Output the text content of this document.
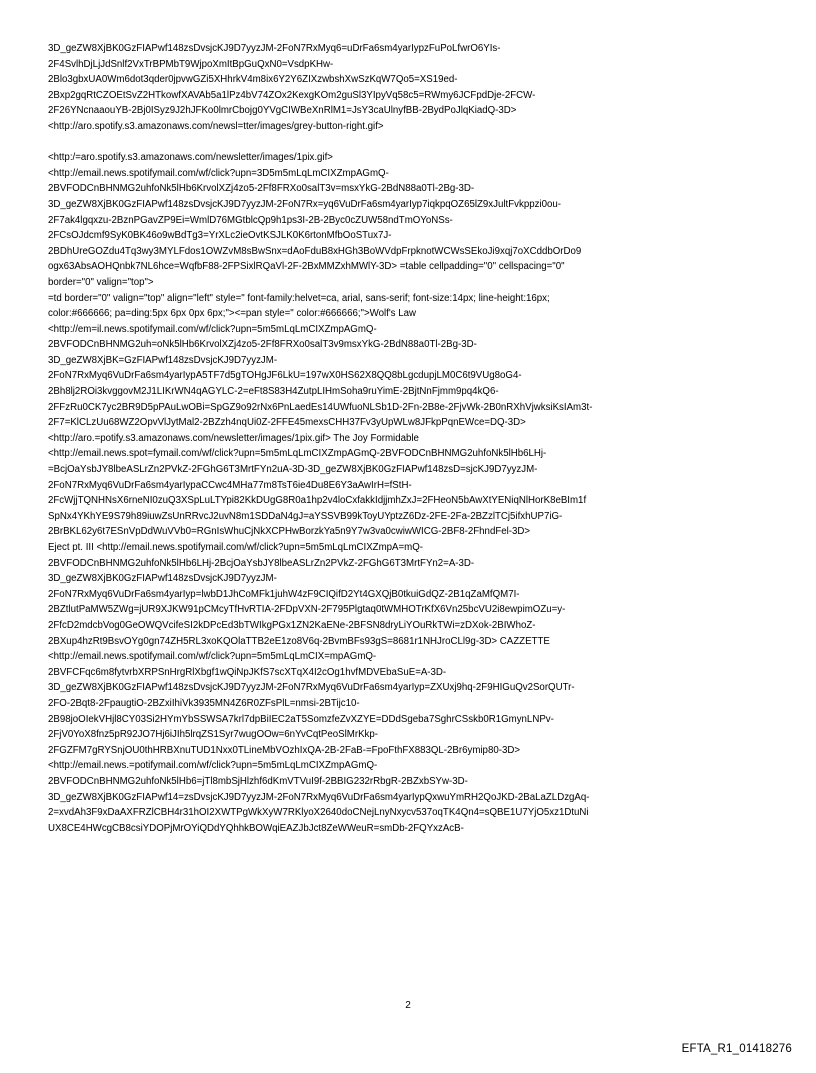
3D_geZW8XjBK0GzFIAPwf148zsDvsjcKJ9D7yyzJM-2FoN7RxMyq6=uDrFa6sm4yarIypzFuPoLfwrO6YIs-
2F4SvlhDjLjJdSnlf2VxTrBPMbT9WjpoXmItBpGuQxN0=VsdpKHw-
2Blo3gbxUA0Wm6dot3qder0jpvwGZi5XHhrkV4m8ix6Y2Y6ZIXzwbshXwSzKqW7Qo5=XS19ed-
2Bxp2gqRtCZOEtSvZ2HTkowfXAVAb5a1lPz4bV74ZOx2KexgKOm2guSl3YIpyVq58c5=RWmy6JCFpdDje-2FCW-
2F26YNcnaaouYB-2Bj0ISyz9J2hJFKo0lmrCbojg0YVgCIWBeXnRlM1=JsY3caUlnyfBB-2BydPoJlqKiadQ-3D>
<http://aro.spotify.s3.amazonaws.com/newsl=tter/images/grey-button-right.gif>
<http:/=aro.spotify.s3.amazonaws.com/newsletter/images/1pix.gif>
<http://email.news.spotifymail.com/wf/click?upn=3D5m5mLqLmCIXZmpAGmQ-
2BVFODCnBHNMG2uhfoNk5lHb6KrvolXZj4zo5-2Ff8FRXo0salT3v=msxYkG-2BdN88a0Tl-2Bg-3D-
3D_geZW8XjBK0GzFIAPwf148zsDvsjcKJ9D7yyzJM-2FoN7Rx=yq6VuDrFa6sm4yarIyp7iqkpqOZ65lZ9xJultFvkppzi0ou-
2F7ak4lgqxzu-2BznPGavZP9Ei=WmlD76MGtblcQp9h1ps3I-2B-2Byc0cZUW58ndTmOYoNSs-
2FCsOJdcmf9SyK0BK46o9wBdTg3=YrXLc2ieOvtKSJLK0K6rtonMfbOoSTux7J-
2BDhUreGOZdu4Tq3wy3MYLFdos1OWZvM8sBwSnx=dAoFduB8xHGh3BoWVdpFrpknotWCWsSEkoJi9xqj7oXCddbOrDo9
ogx63AbsAOHQnbk7NL6hce=WqfbF88-2FPSixlRQaVl-2F-2BxMMZxhMWlY-3D> =table cellpadding="0" cellspacing="0"
border="0" valign="top">
=td border="0" valign="top" align="left" style=" font-family:helvet=ca, arial, sans-serif; font-size:14px; line-height:16px;
color:#666666; pa=ding:5px 6px 0px 6px;"><=pan style=" color:#666666;">Wolf's Law
<http://em=il.news.spotifymail.com/wf/click?upn=5m5mLqLmCIXZmpAGmQ-
2BVFODCnBHNMG2uh=oNk5lHb6KrvolXZj4zo5-2Ff8FRXo0salT3v9msxYkG-2BdN88a0Tl-2Bg-3D-
3D_geZW8XjBK=GzFIAPwf148zsDvsjcKJ9D7yyzJM-
2FoN7RxMyq6VuDrFa6sm4yarIypA5TF7d5gTOHgJF6LkU=197wX0HS62X8QQ8bLgcdupjLM0C6t9VUg8oG4-
2Bh8lj2ROi3kvggovM2J1LIKrWN4qAGYLC-2=eFt8S83H4ZutpLIHmSoha9ruYimE-2BjtNnFjmm9pq4kQ6-
2FFzRu0CK7yc2BR9D5pPAuLwOBi=SpGZ9o92rNx6PnLaedEs14UWfuoNLSb1D-2Fn-2B8e-2FjvWk-2B0nRXhVjwksiKsIAm3t-
2F7=KlCLzUu68WZ2OpvVlJytMal2-2BZzh4nqUi0Z-2FFE45mexsCHH37Fv3yUpWLw8JFkpPqnEWce=DQ-3D>
<http://aro.=potify.s3.amazonaws.com/newsletter/images/1pix.gif> The Joy Formidable
<http://email.news.spot=fymail.com/wf/click?upn=5m5mLqLmCIXZmpAGmQ-2BVFODCnBHNMG2uhfoNk5lHb6LHj-
=BcjOaYsbJY8lbeASLrZn2PVkZ-2FGhG6T3MrtFYn2uA-3D-3D_geZW8XjBK0GzFIAPwf148zsD=sjcKJ9D7yyzJM-
2FoN7RxMyq6VuDrFa6sm4yarIypaCCwc4MHa77m8TsT6ie4Du8E6Y3aAwIrH=fStH-
2FcWjjTQNHNsX6rneNI0zuQ3XSpLuLTYpi82KkDUgG8R0a1hp2v4loCxfakkIdjjmhZxJ=2FHeoN5bAwXtYENiqNlHorK8eBIm1f
SpNx4YKhYE9S79h89iuwZsUnRRvcJ2uvN8m1SDDaN4gJ=aYSSVB99kToyUYptzZ6Dz-2FE-2Fa-2BZzlTCj5ifxhUP7iG-
2BrBKL62y6t7ESnVpDdWuVVb0=RGnIsWhuCjNkXCPHwBorzkYa5n9Y7w3va0cwiwWICG-2BF8-2FhndFel-3D>
Eject pt. III <http://email.news.spotifymail.com/wf/click?upn=5m5mLqLmCIXZmpA=mQ-
2BVFODCnBHNMG2uhfoNk5lHb6LHj-2BcjOaYsbJY8lbeASLrZn2PVkZ-2FGhG6T3MrtFYn2=A-3D-
3D_geZW8XjBK0GzFIAPwf148zsDvsjcKJ9D7yyzJM-
2FoN7RxMyq6VuDrFa6sm4yarIyp=lwbD1JhCoMFk1juhW4zF9CIQifD2Yt4GXQjB0tkuiGdQZ-2B1qZaMfQM7I-
2BZtlutPaMW5ZWg=jUR9XJKW91pCMcyTfHvRTIA-2FDpVXN-2F795Plgtaq0tWMHOTrKfX6Vn25bcVU2i8ewpimOZu=y-
2FfcD2mdcbVog0GeOWQVcifeSI2kDPcEd3bTWIkgPGx1ZN2KaENe-2BFSN8dryLiYOuRkTWi=zDXok-2BIWhoZ-
2BXup4hzRt9BsvOYg0gn74ZH5RL3xoKQOlaTTB2eE1zo8V6q-2BvmBFs93gS=8681r1NHJroCLl9g-3D> CAZZETTE
<http://email.news.spotifymail.com/wf/click?upn=5m5mLqLmCIX=mpAGmQ-
2BVFCFqc6m8fytvrbXRPSnHrgRlXbgf1wQiNpJKfS7scXTqX4I2cOg1hvfMDVEbaSuE=A-3D-
3D_geZW8XjBK0GzFIAPwf148zsDvsjcKJ9D7yyzJM-2FoN7RxMyq6VuDrFa6sm4yarIyp=ZXUxj9hq-2F9HIGuQv2SorQUTr-
2FO-2Bqt8-2FpaugtiO-2BZxiIhiVk3935MN4Z6R0ZFsPlL=nmsi-2BTijc10-
2B98joOIekVHjl8CY03Si2HYmYbSSWSA7krl7dpBiIEC2aT5SomzfeZvXZYE=DDdSgeba7SghrCSskb0R1GmynLNPv-
2FjV0YoX8fnz5pR92JO7Hj6iJIh5lrqZS1Syr7wugOOw=6nYvCqtPeoSlMrKkp-
2FGZFM7gRYSnjOU0thHRBXnuTUD1Nxx0TLineMbVOzhIxQA-2B-2FaB-=FpoFthFX883QL-2Br6ymip80-3D>
<http://email.news.=potifymail.com/wf/click?upn=5m5mLqLmCIXZmpAGmQ-
2BVFODCnBHNMG2uhfoNk5lHb6=jTl8mbSjHlzhf6dKmVTVuI9f-2BBIG232rRbgR-2BZxbSYw-3D-
3D_geZW8XjBK0GzFIAPwf14=zsDvsjcKJ9D7yyzJM-2FoN7RxMyq6VuDrFa6sm4yarIypQxwuYmRH2QoJKD-2BaLaZLDzgAq-
2=xvdAh3F9xDaAXFRZlCBH4r31hOI2XWTPgWkXyW7RKlyoX2640doCNejLnyNxycv537oqTK4Qn4=sQBE1U7YjO5xz1DtuNi
UX8CE4HWcgCB8csiYDOPjMrOYiQDdYQhhkBOWqiEAZJbJct8ZeWWeuR=smDb-2FQYxzAcB-
2
EFTA_R1_01418276
